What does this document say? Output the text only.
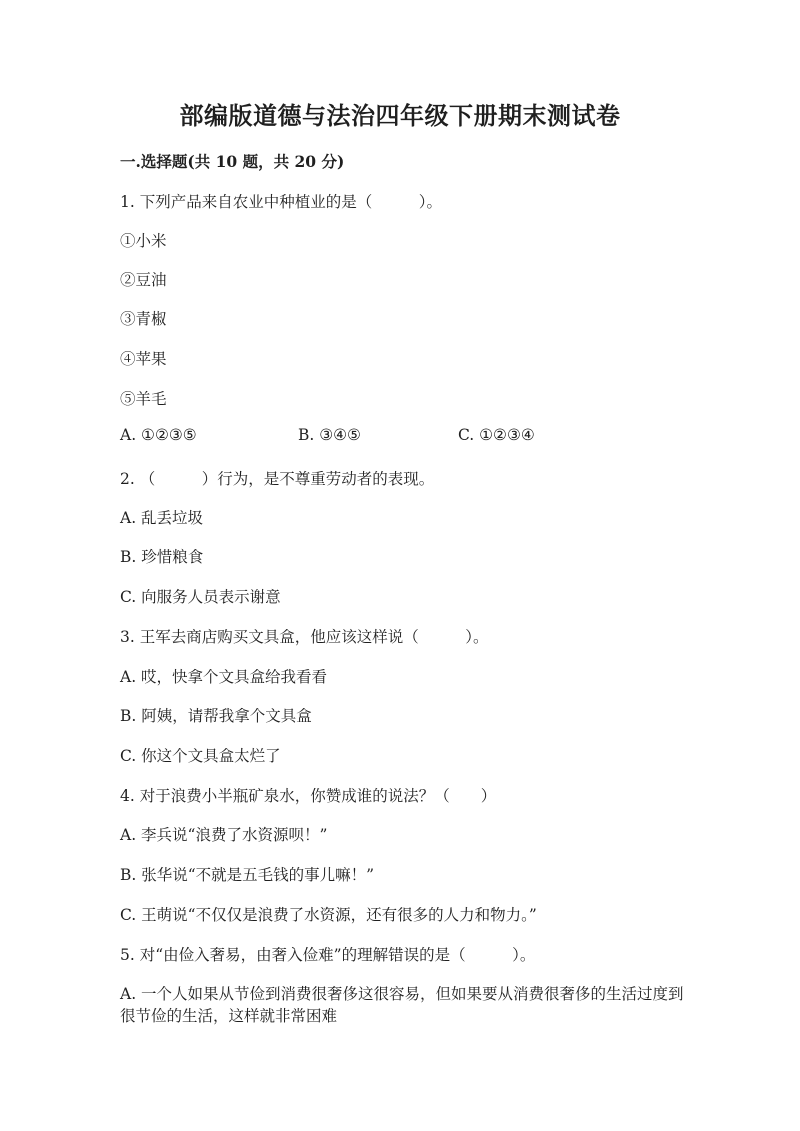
部编版道德与法治四年级下册期末测试卷
一.选择题(共 10 题，共 20 分)
1. 下列产品来自农业中种植业的是（　　　）。
①小米
②豆油
③青椒
④苹果
⑤羊毛
A. ①②③⑤	B. ③④⑤	C. ①②③④
2. （　　　）行为，是不尊重劳动者的表现。
A. 乱丢垃圾
B. 珍惜粮食
C. 向服务人员表示谢意
3. 王军去商店购买文具盒，他应该这样说（　　　）。
A. 哎，快拿个文具盒给我看看
B. 阿姨，请帮我拿个文具盒
C. 你这个文具盒太烂了
4. 对于浪费小半瓶矿泉水，你赞成谁的说法？（　　）
A. 李兵说“浪费了水资源呗！”
B. 张华说“不就是五毛钱的事儿嘛！”
C. 王萌说“不仅仅是浪费了水资源，还有很多的人力和物力。”
5. 对“由俭入奢易，由奢入俭难”的理解错误的是（　　　）。
A. 一个人如果从节俭到消费很奢侈这很容易，但如果要从消费很奢侈的生活过度到很节俭的生活，这样就非常困难
